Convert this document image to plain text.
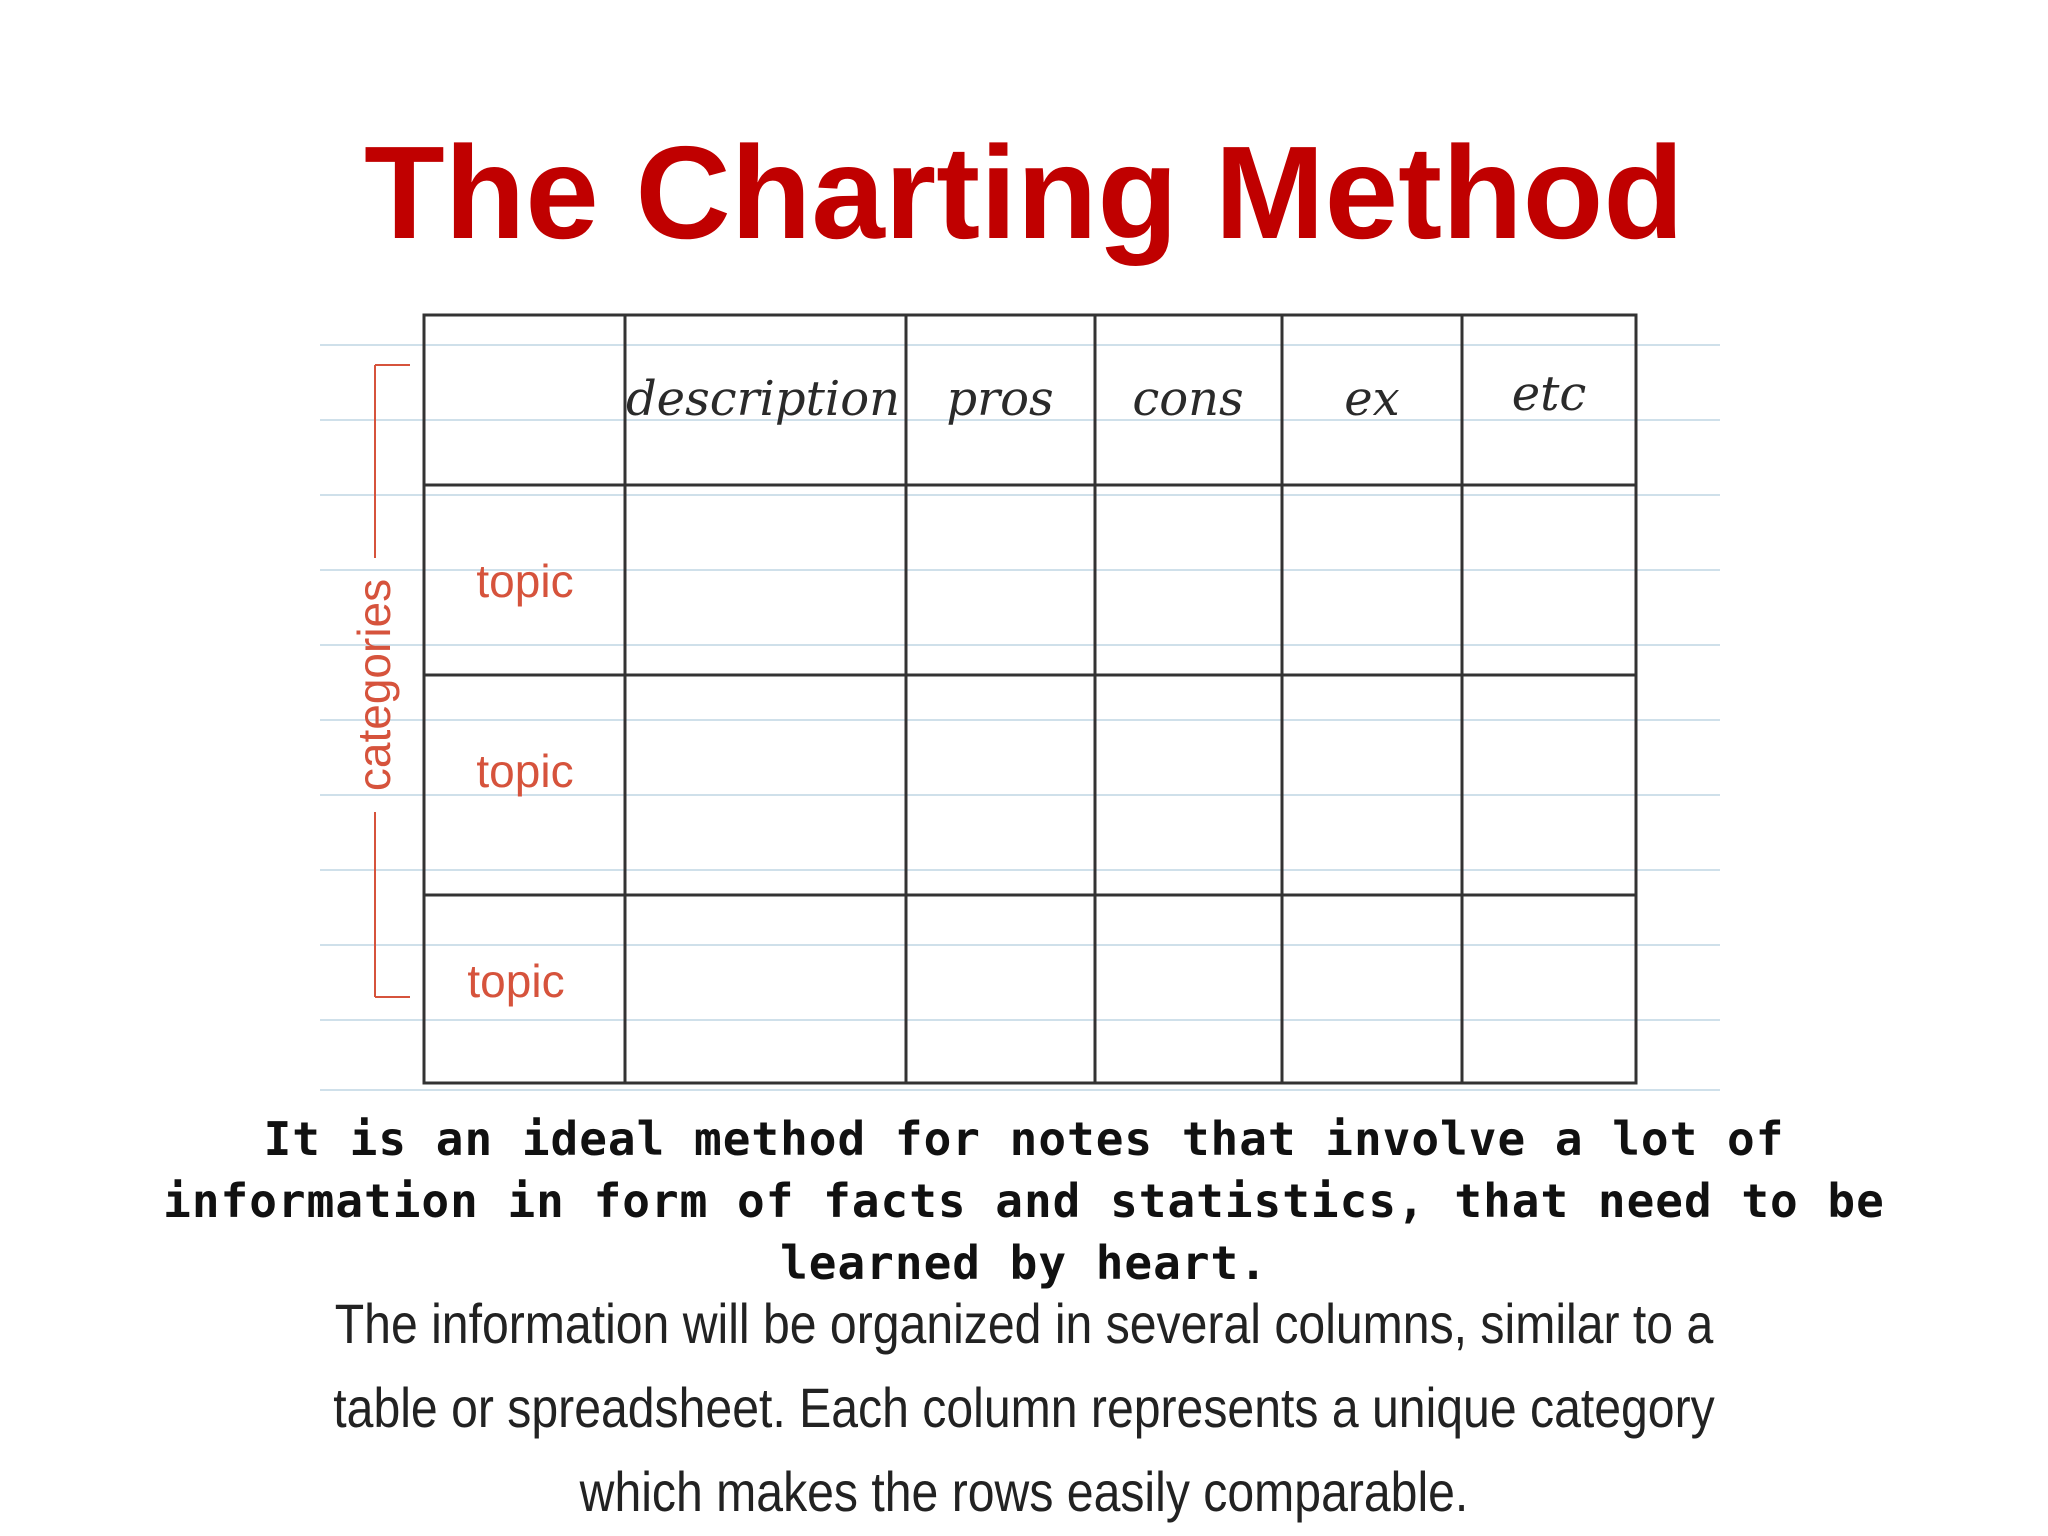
The Charting Method
categories
description pros cons ex etc
topic
topic
topic

It is an ideal method for notes that involve a lot of information in form of facts and statistics, that need to be learned by heart.

The information will be organized in several columns, similar to a table or spreadsheet. Each column represents a unique category which makes the rows easily comparable.
